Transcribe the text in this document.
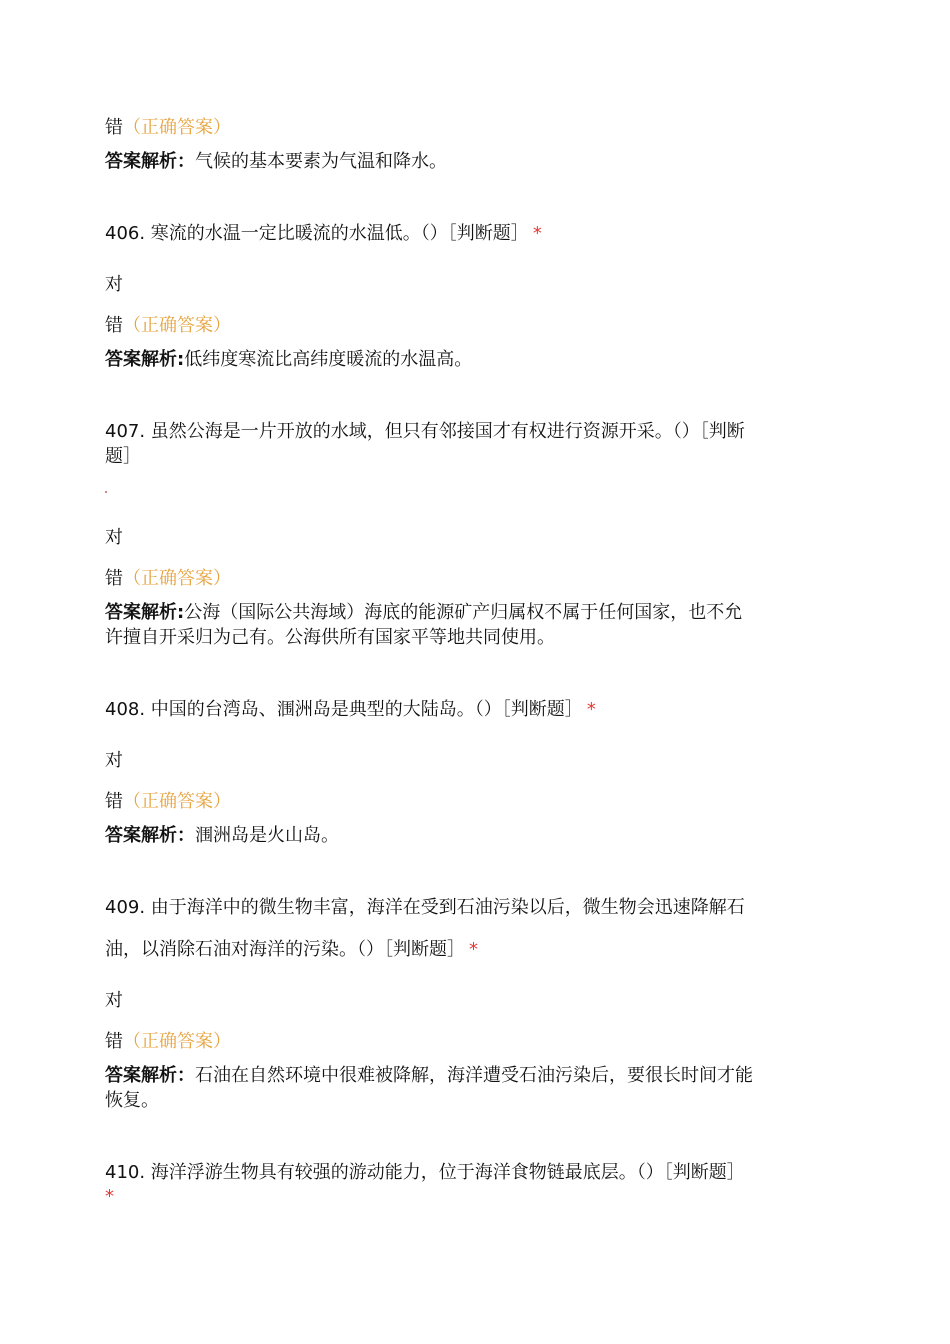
错（正确答案）
答案解析：气候的基本要素为气温和降水。
406. 寒流的水温一定比暖流的水温低。（）［判断题］ *
对
错（正确答案）
答案解析:低纬度寒流比高纬度暖流的水温高。
407. 虽然公海是一片开放的水域，但只有邻接国才有权进行资源开采。（）［判断
题］
对
错（正确答案）
答案解析:公海（国际公共海域）海底的能源矿产归属权不属于任何国家，也不允
许擅自开采归为己有。公海供所有国家平等地共同使用。
408. 中国的台湾岛、涠洲岛是典型的大陆岛。（）［判断题］ *
对
错（正确答案）
答案解析：涠洲岛是火山岛。
409. 由于海洋中的微生物丰富，海洋在受到石油污染以后，微生物会迅速降解石
油，以消除石油对海洋的污染。（）［判断题］ *
对
错（正确答案）
答案解析：石油在自然环境中很难被降解，海洋遭受石油污染后，要很长时间才能
恢复。
410. 海洋浮游生物具有较强的游动能力，位于海洋食物链最底层。（）［判断题］
*
